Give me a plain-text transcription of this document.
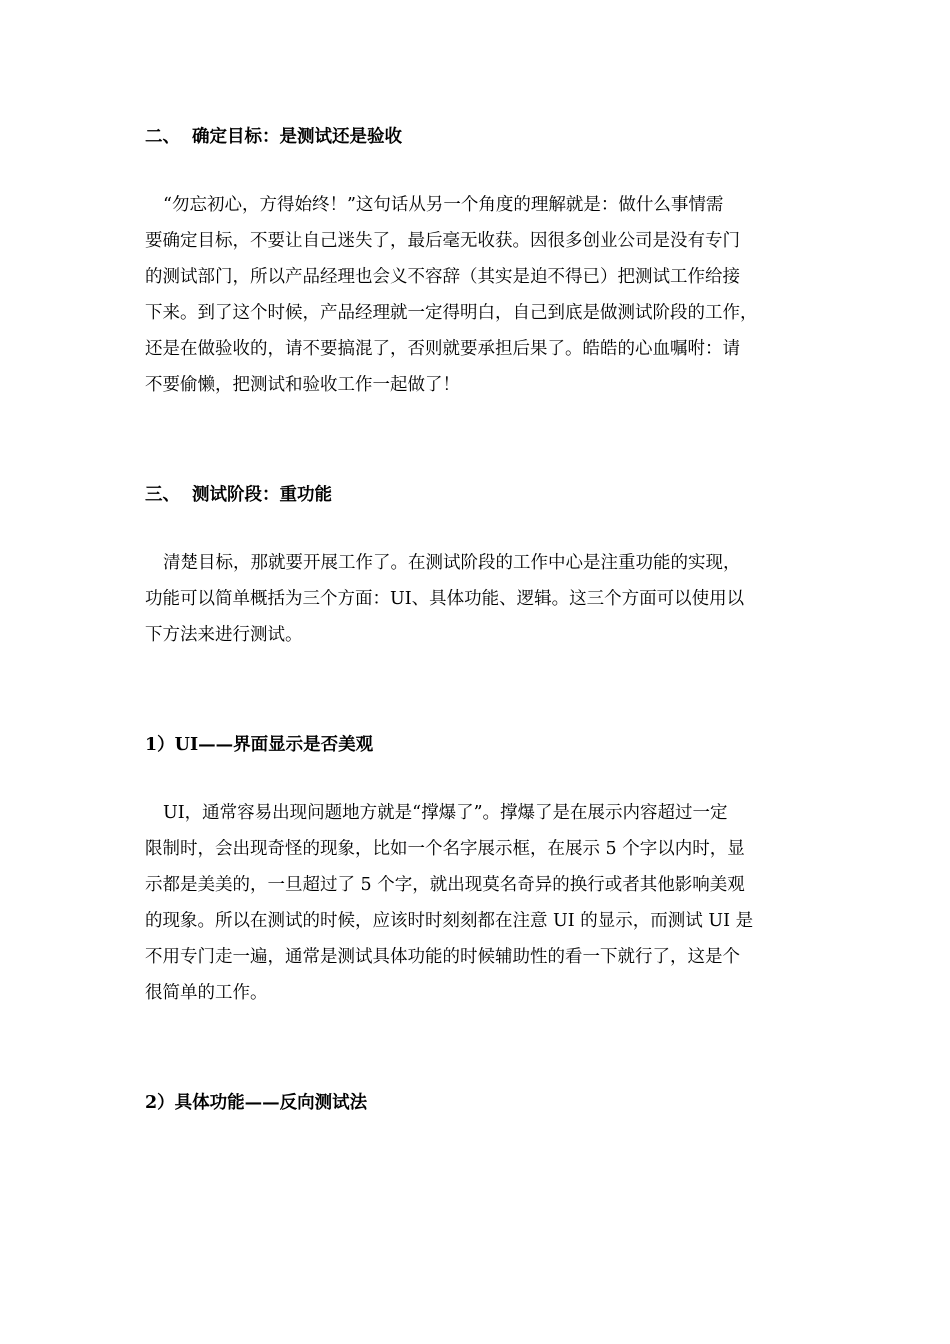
二、 确定目标：是测试还是验收

“勿忘初心，方得始终！”这句话从另一个角度的理解就是：做什么事情需
要确定目标，不要让自己迷失了，最后毫无收获。因很多创业公司是没有专门
的测试部门，所以产品经理也会义不容辞（其实是迫不得已）把测试工作给接
下来。到了这个时候，产品经理就一定得明白，自己到底是做测试阶段的工作，
还是在做验收的，请不要搞混了，否则就要承担后果了。皓皓的心血嘱咐：请
不要偷懒，把测试和验收工作一起做了！

三、 测试阶段：重功能

清楚目标，那就要开展工作了。在测试阶段的工作中心是注重功能的实现，
功能可以简单概括为三个方面：UI、具体功能、逻辑。这三个方面可以使用以
下方法来进行测试。

1）UI——界面显示是否美观

UI，通常容易出现问题地方就是“撑爆了”。撑爆了是在展示内容超过一定
限制时，会出现奇怪的现象，比如一个名字展示框，在展示 5 个字以内时，显
示都是美美的，一旦超过了 5 个字，就出现莫名奇异的换行或者其他影响美观
的现象。所以在测试的时候，应该时时刻刻都在注意 UI 的显示，而测试 UI 是
不用专门走一遍，通常是测试具体功能的时候辅助性的看一下就行了，这是个
很简单的工作。

2）具体功能——反向测试法
